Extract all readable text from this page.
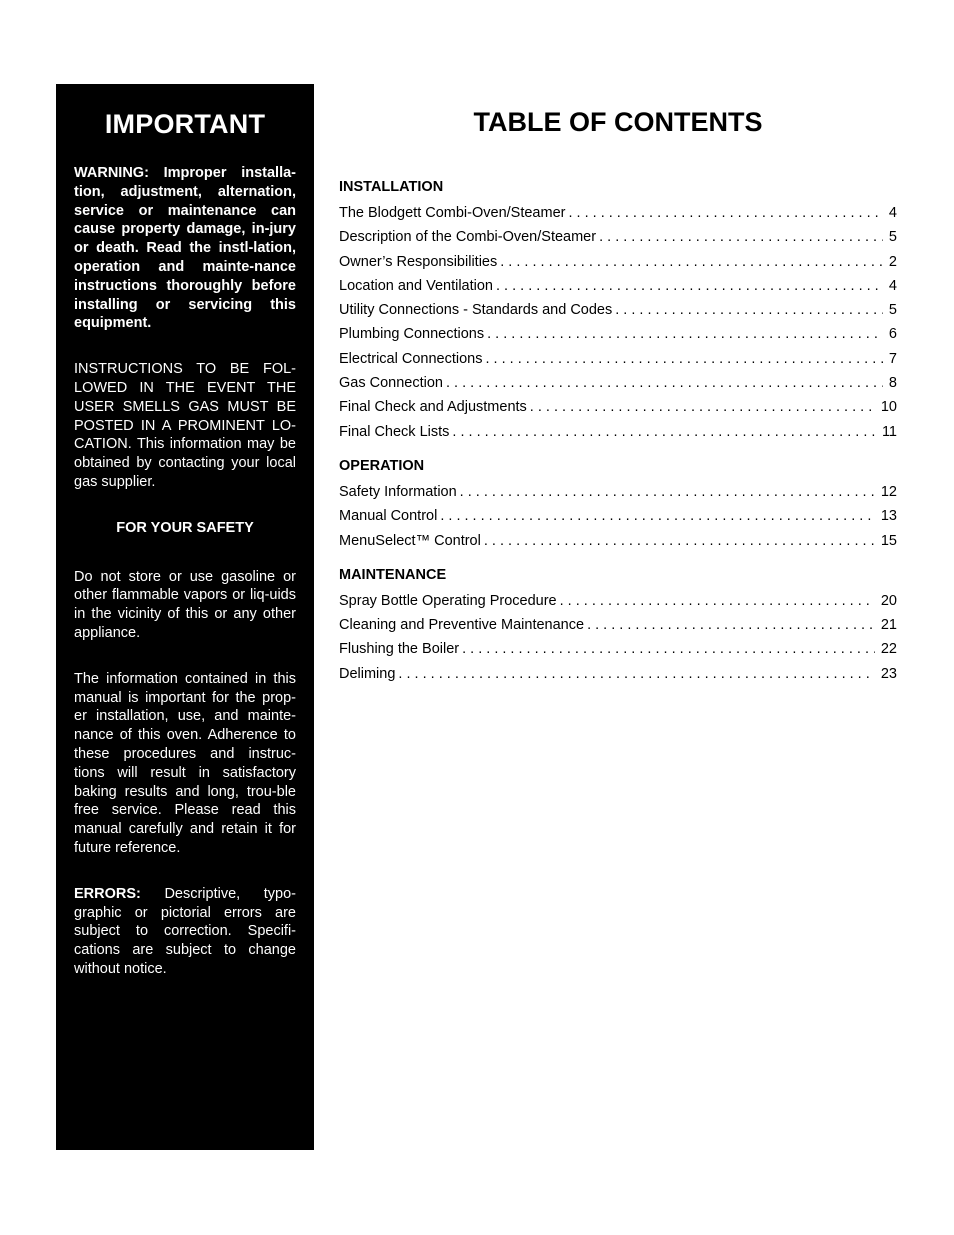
IMPORTANT

WARNING: Improper installa-tion, adjustment, alternation, service or maintenance can cause property damage, in-jury or death. Read the instl-lation, operation and mainte-nance instructions thoroughly before installing or servicing this equipment.

INSTRUCTIONS TO BE FOL-LOWED IN THE EVENT THE USER SMELLS GAS MUST BE POSTED IN A PROMINENT LO-CATION. This information may be obtained by contacting your local gas supplier.

FOR YOUR SAFETY

Do not store or use gasoline or other flammable vapors or liq-uids in the vicinity of this or any other appliance.

The information contained in this manual is important for the prop-er installation, use, and mainte-nance of this oven. Adherence to these procedures and instruc-tions will result in satisfactory baking results and long, trou-ble free service. Please read this manual carefully and retain it for future reference.

ERRORS: Descriptive, typo-graphic or pictorial errors are subject to correction. Specifi-cations are subject to change without notice.

TABLE OF CONTENTS
INSTALLATION
The Blodgett Combi-Oven/Steamer . . .	4
Description of the Combi-Oven/Steamer . . .	5
Owner’s Responsibilities . . .	2
Location and Ventilation . . .	4
Utility Connections - Standards and Codes . . .	5
Plumbing Connections . . .	6
Electrical Connections . . .	7
Gas Connection . . .	8
Final Check and Adjustments . . .	10
Final Check Lists . . .	11
OPERATION
Safety Information . . .	12
Manual Control . . .	13
MenuSelect™ Control . . .	15
MAINTENANCE
Spray Bottle Operating Procedure . . .	20
Cleaning and Preventive Maintenance . . .	21
Flushing the Boiler . . .	22
Deliming . . .	23
